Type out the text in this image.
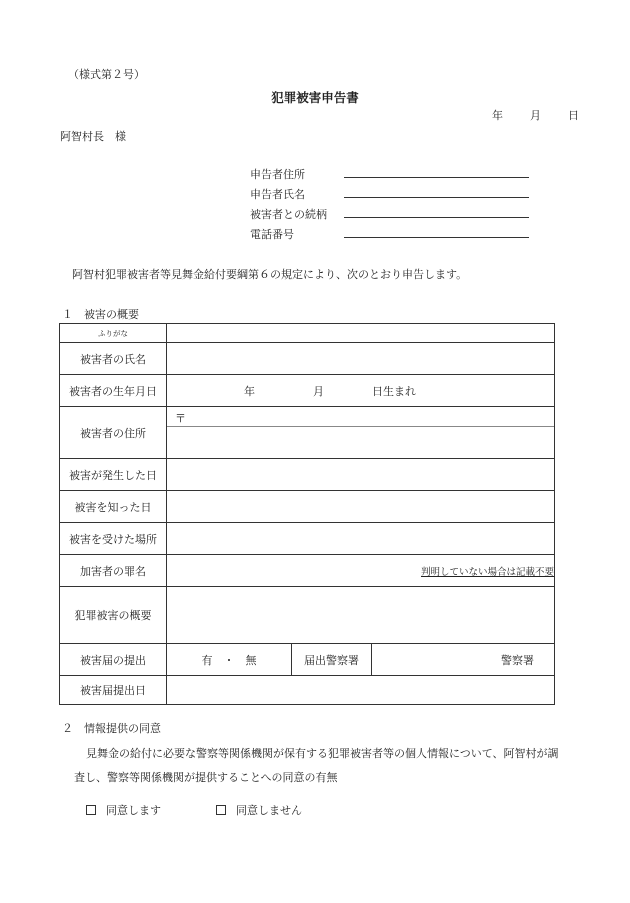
（様式第２号）
犯罪被害申告書
年 月 日
阿智村長　様
申告者住所
申告者氏名
被害者との続柄
電話番号
阿智村犯罪被害者等見舞金給付要綱第６の規定により、次のとおり申告します。
１　被害の概要
ふりがな			
被害者の氏名			
被害者の生年月日	年 月 日生まれ		
被害者の住所	〒		

被害が発生した日			
被害を知った日			
被害を受けた場所			
加害者の罪名	判明していない場合は記載不要		
犯罪被害の概要			
被害届の提出	有　・　無	届出警察署	警察署
被害届提出日			
２　情報提供の同意

見舞金の給付に必要な警察等関係機関が保有する犯罪被害者等の個人情報について、阿智村が調

査し、警察等関係機関が提供することへの同意の有無

同意します	同意しません
